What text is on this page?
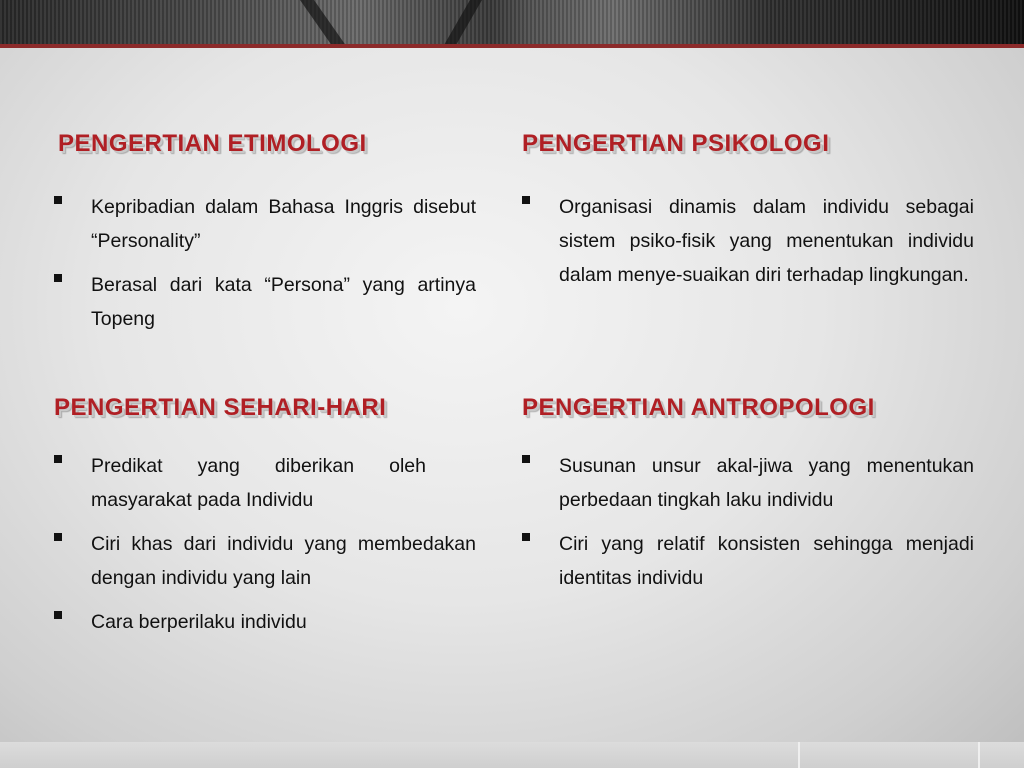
PENGERTIAN ETIMOLOGI
Kepribadian dalam Bahasa Inggris disebut “Personality”
Berasal dari kata “Persona” yang artinya Topeng
PENGERTIAN PSIKOLOGI
Organisasi dinamis dalam individu sebagai sistem psiko-fisik yang menentukan individu dalam menye-suaikan diri terhadap lingkungan.
PENGERTIAN SEHARI-HARI
Predikat yang diberikan oleh masyarakat pada Individu
Ciri khas dari individu yang membedakan dengan individu yang lain
Cara berperilaku individu
PENGERTIAN ANTROPOLOGI
Susunan unsur akal-jiwa yang menentukan perbedaan tingkah laku individu
Ciri yang relatif konsisten sehingga menjadi identitas individu
